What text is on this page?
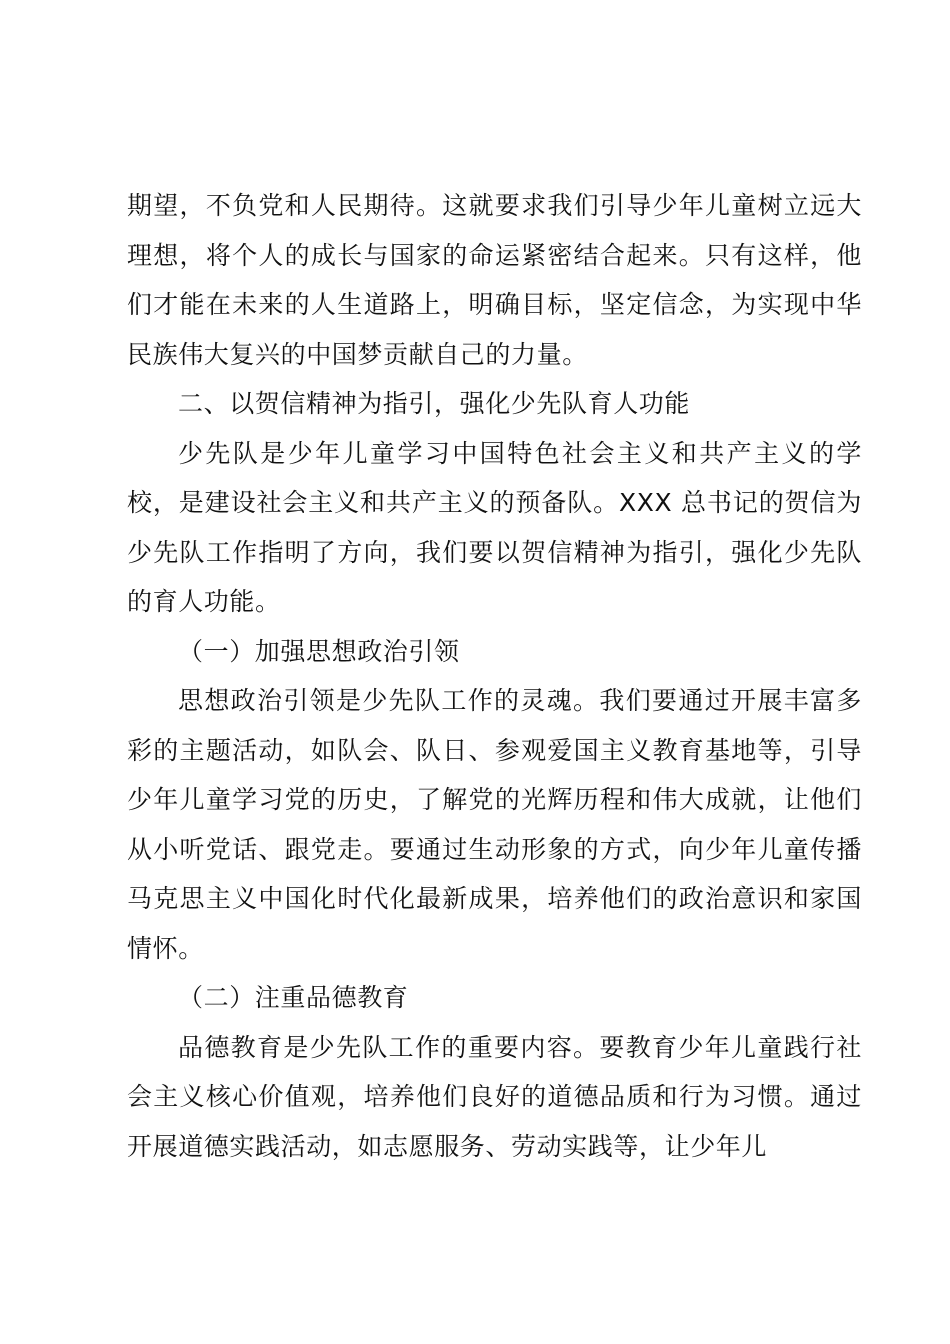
期望，不负党和人民期待。这就要求我们引导少年儿童树立远大理想，将个人的成长与国家的命运紧密结合起来。只有这样，他们才能在未来的人生道路上，明确目标，坚定信念，为实现中华民族伟大复兴的中国梦贡献自己的力量。

二、以贺信精神为指引，强化少先队育人功能

少先队是少年儿童学习中国特色社会主义和共产主义的学校，是建设社会主义和共产主义的预备队。XXX 总书记的贺信为少先队工作指明了方向，我们要以贺信精神为指引，强化少先队的育人功能。

（一）加强思想政治引领

思想政治引领是少先队工作的灵魂。我们要通过开展丰富多彩的主题活动，如队会、队日、参观爱国主义教育基地等，引导少年儿童学习党的历史，了解党的光辉历程和伟大成就，让他们从小听党话、跟党走。要通过生动形象的方式，向少年儿童传播马克思主义中国化时代化最新成果，培养他们的政治意识和家国情怀。

（二）注重品德教育

品德教育是少先队工作的重要内容。要教育少年儿童践行社会主义核心价值观，培养他们良好的道德品质和行为习惯。通过开展道德实践活动，如志愿服务、劳动实践等，让少年儿
